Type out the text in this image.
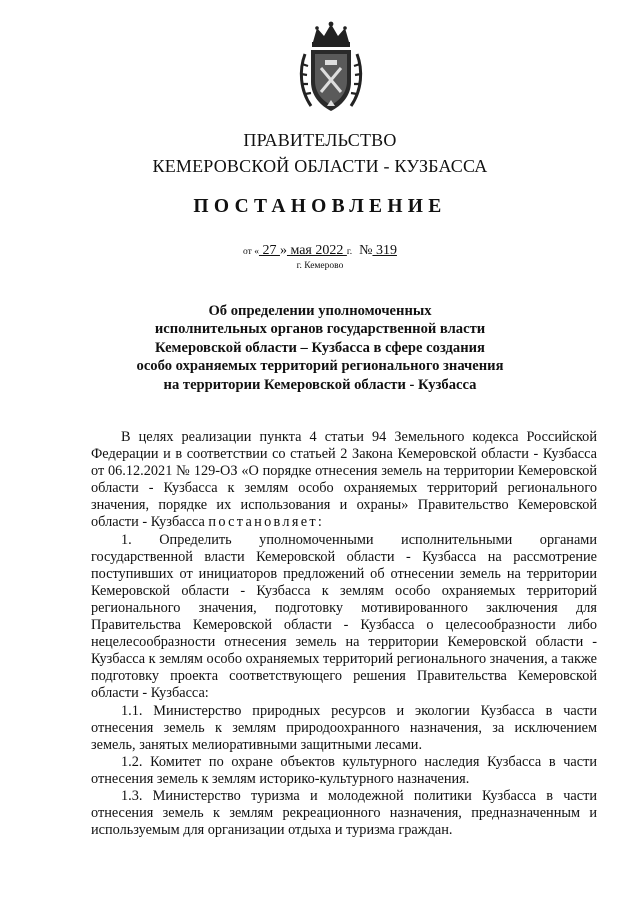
ПРАВИТЕЛЬСТВО
КЕМЕРОВСКОЙ ОБЛАСТИ - КУЗБАССА
ПОСТАНОВЛЕНИЕ
от « 27 » мая 2022 г. № 319
г. Кемерово
Об определении уполномоченных
исполнительных органов государственной власти
Кемеровской области – Кузбасса в сфере создания
особо охраняемых территорий регионального значения
на территории Кемеровской области - Кузбасса

В целях реализации пункта 4 статьи 94 Земельного кодекса Российской Федерации и в соответствии со статьей 2 Закона Кемеровской области - Кузбасса от 06.12.2021 № 129-ОЗ «О порядке отнесения земель на территории Кемеровской области - Кузбасса к землям особо охраняемых территорий регионального значения, порядке их использования и охраны» Правительство Кемеровской области - Кузбасса постановляет:

1. Определить уполномоченными исполнительными органами государственной власти Кемеровской области - Кузбасса на рассмотрение поступивших от инициаторов предложений об отнесении земель на территории Кемеровской области - Кузбасса к землям особо охраняемых территорий регионального значения, подготовку мотивированного заключения для Правительства Кемеровской области - Кузбасса о целесообразности либо нецелесообразности отнесения земель на территории Кемеровской области - Кузбасса к землям особо охраняемых территорий регионального значения, а также подготовку проекта соответствующего решения Правительства Кемеровской области - Кузбасса:

1.1. Министерство природных ресурсов и экологии Кузбасса в части отнесения земель к землям природоохранного назначения, за исключением земель, занятых мелиоративными защитными лесами.

1.2. Комитет по охране объектов культурного наследия Кузбасса в части отнесения земель к землям историко-культурного назначения.

1.3. Министерство туризма и молодежной политики Кузбасса в части отнесения земель к землям рекреационного назначения, предназначенным и используемым для организации отдыха и туризма граждан.
